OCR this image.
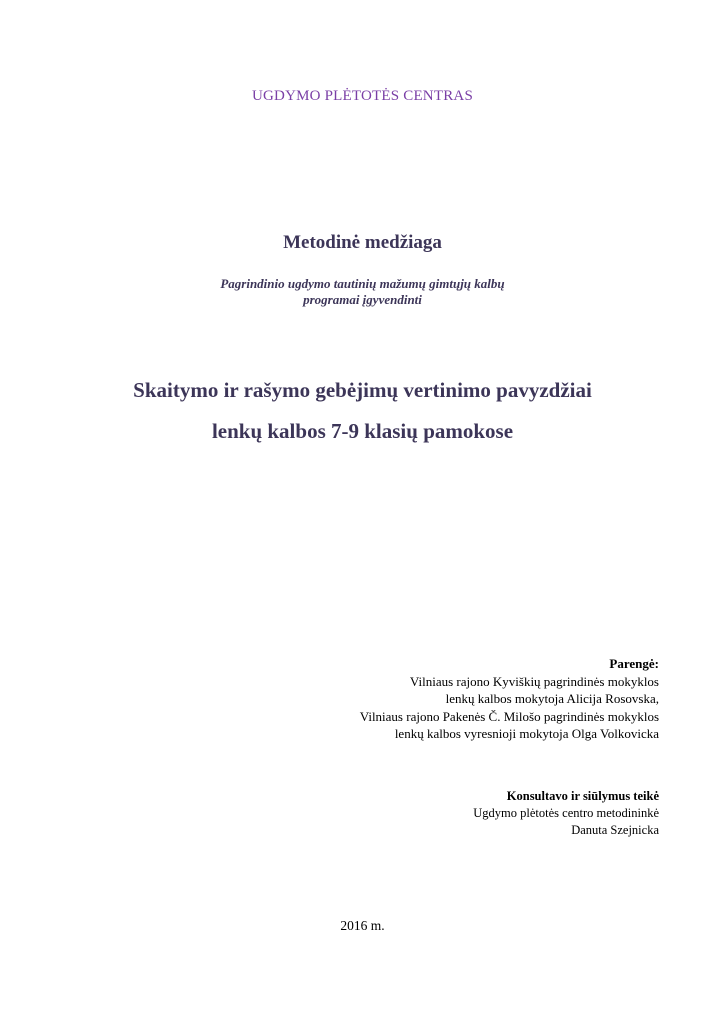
UGDYMO PLĖTOTĖS CENTRAS
Metodinė medžiaga
Pagrindinio ugdymo tautinių mažumų gimtųjų kalbų
programai įgyvendinti
Skaitymo ir rašymo gebėjimų vertinimo pavyzdžiai
lenkų kalbos 7-9 klasių pamokose
Parengė:
Vilniaus rajono Kyviškių pagrindinės mokyklos
lenkų kalbos mokytoja Alicija Rosovska,
Vilniaus rajono Pakenės Č. Milošo pagrindinės mokyklos
lenkų kalbos vyresnioji mokytoja Olga Volkovicka
Konsultavo ir siūlymus teikė
Ugdymo plėtotės centro metodininkė
Danuta Szejnicka
2016 m.
